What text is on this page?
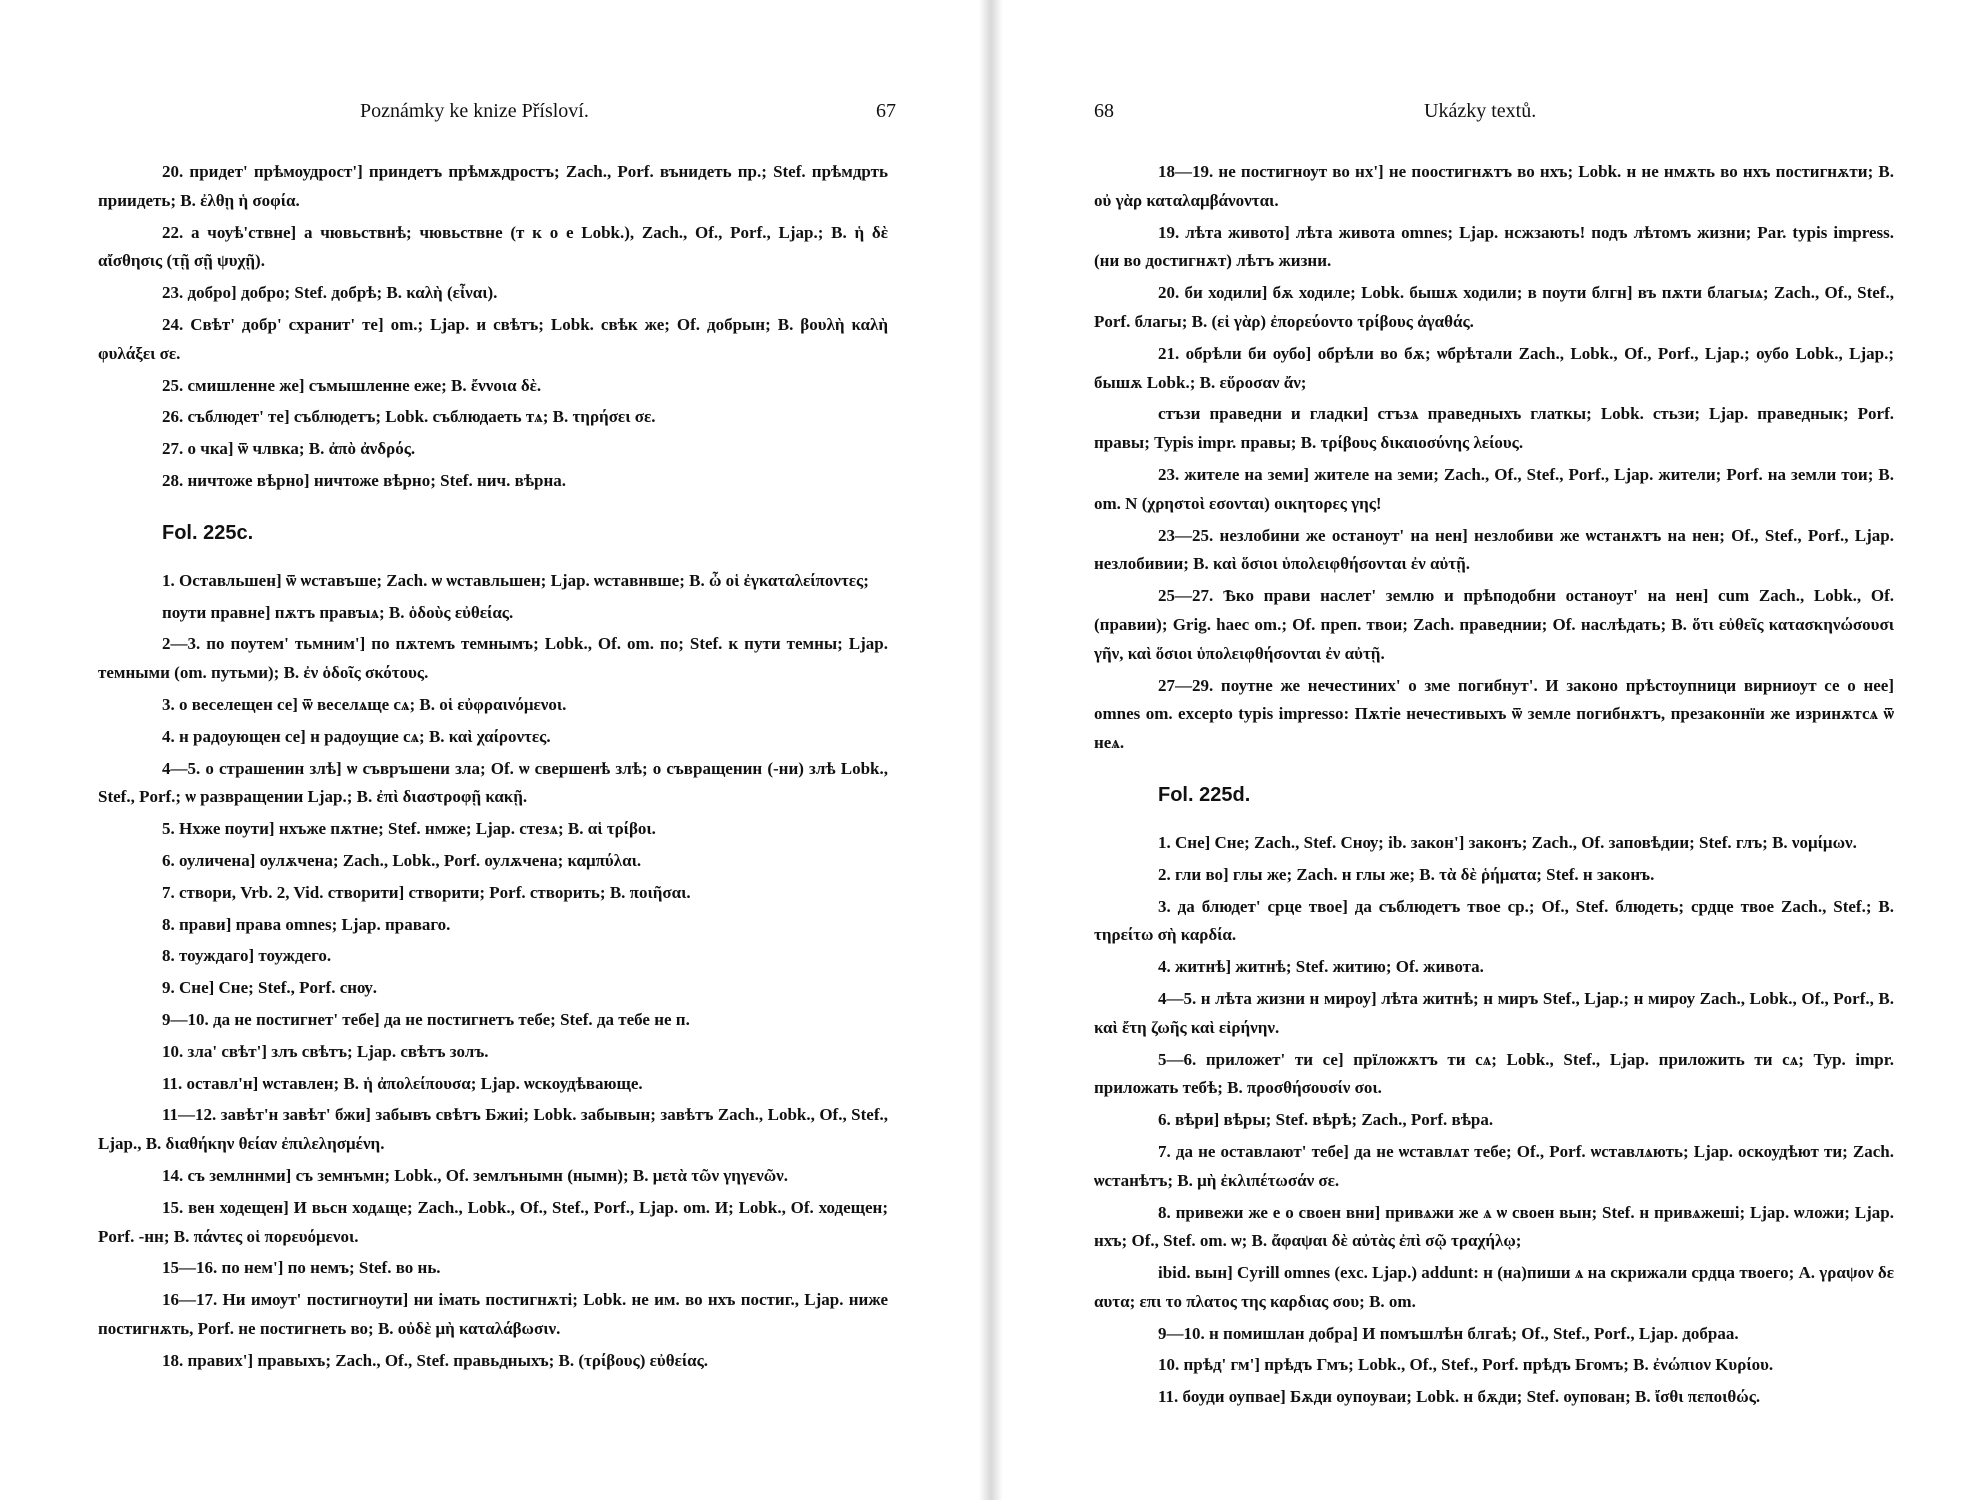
Poznámky ke knize Přísloví.	67

20. придет' прѣмоудрост'] приндетъ прѣмѫдростъ; Zach., Porf. вънидеть пр.; Stef. прѣмдрть приидеть; B. ἐλθῃ ἡ σοφία.

22. а чоуѣ'ствне] а чювьствнѣ; чювьствне (т к о е Lobk.), Zach., Of., Porf., Ljap.; B. ἡ δὲ αἴσθησις (τῇ σῇ ψυχῇ).

23. добро] добро; Stef. добрѣ; B. καλὴ (εἶναι).

24. Свѣт' добр' схранит' те] om.; Ljap. и свѣтъ; Lobk. свѣк же; Of. добрын; B. βουλὴ καλὴ φυλάξει σε.

25. смишленне же] съмышленне еже; B. ἔννοια δὲ.

26. съблюдет' те] съблюдетъ; Lobk. съблюдаеть тѧ; B. τηρήσει σε.

27. о чка] ѿ члвка; B. ἀπὸ ἀνδρός.

28. ничтоже вѣрно] ничтоже вѣрно; Stef. нич. вѣрна.

Fol. 225c.

1. Оставльшен] ѿ ѡставъше; Zach. ѡ ѡставльшен; Ljap. ѡставнвше; B. ὦ οἱ ἐγκαταλείποντες;

поути правне] пѫтъ правъıѧ; B. ὁδοὺς εὐθείας.

2—3. по поутем' тьмним'] по пѫтемъ темнымъ; Lobk., Of. om. по; Stef. к пути темны; Ljap. темными (om. путьми); B. ἐν ὁδοῖς σκότους.

3. о веселещен се] ѿ веселѧще сѧ; B. οἱ εὐφραινόμενοι.

4. н радоующен се] н радоущие сѧ; B. καὶ χαίροντες.

4—5. о страшенин злѣ] ѡ съвръшени зла; Of. ѡ свершенѣ злѣ; о съвращенин (-ни) злѣ Lobk., Stef., Porf.; ѡ развращении Ljap.; B. ἐπὶ διαστροφῇ κακῇ.

5. Нхже поути] нхъже пѫтне; Stef. нмже; Ljap. стезѧ; B. αἱ τρίβοι.

6. оуличена] оулѫчена; Zach., Lobk., Porf. оулѫчена; καμπύλαι.

7. створи, Vrb. 2, Vid. створити] створити; Porf. створить; B. ποιῆσαι.

8. прави] права omnes; Ljap. праваго.

8. тоуждаго] тоуждего.

9. Сне] Сне; Stef., Porf. снѹ.

9—10. да не постигнет' тебе] да не постигнетъ тебе; Stef. да тебе не п.

10. зла' свѣт'] злъ свѣтъ; Ljap. свѣтъ золъ.

11. оставл'н] ѡставлен; B. ἡ ἀπολείπουσα; Ljap. ѡскоудѣвающе.

11—12. завѣт'н завѣт' бжи] забывъ свѣтъ Бжиі; Lobk. забывын; завѣтъ Zach., Lobk., Of., Stef., Ljap., B. διαθήκην θείαν ἐπιλελησμένη.

14. съ землннми] съ земнъмн; Lobk., Of. землънымн (нымн); B. μετὰ τῶν γηγενῶν.

15. вен ходещен] И вьсн ходѧще; Zach., Lobk., Of., Stef., Porf., Ljap. om. И; Lobk., Of. ходещен; Porf. -нн; B. πάντες οἱ πορευόμενοι.

15—16. по нем'] по немъ; Stef. во нь.

16—17. Ни имоут' постигноути] ни імать постигнѫті; Lobk. не им. во нхъ постиг., Ljap. ниже постигнѫть, Porf. не постигнеть во; B. οὐδὲ μὴ καταλάβωσιν.

18. правих'] правыхъ; Zach., Of., Stef. правьдныхъ; B. (τρίβους) εὐθείας.

68	Ukázky textů.

18—19. не постигноут во нх'] не поостигнѫтъ во нхъ; Lobk. н не нмѫть во нхъ постигнѫти; B. οὐ γὰρ καταλαμβάνονται.

19. лѣта живото] лѣта живота omnes; Ljap. нсжзають! подъ лѣтомъ жизни; Par. typis impress. (ни во достигнѫт) лѣтъ жизни.

20. би ходили] бѫ ходиле; Lobk. бышѫ ходили; в поути блгн] въ пѫти благыѧ; Zach., Of., Stef., Porf. благы; B. (εἰ γὰρ) ἐπορεύοντο τρίβους ἀγαθάς.

21. обрѣли би оубо] обрѣли во бѫ; ѡбрѣтали Zach., Lobk., Of., Porf., Ljap.; оубо Lobk., Ljap.; бышѫ Lobk.; B. εὕροσαν ἄν;

стъзи праведни и гладки] стъзѧ праведныхъ глаткы; Lobk. стьзи; Ljap. праведнык; Porf. правы; Typis impr. правы; B. τρίβους δικαιοσύνης λείους.

23. жителе на земи] жителе на земи; Zach., Of., Stef., Porf., Ljap. жители; Porf. на земли тои; B. om. N (χρηστοὶ εσονται) οικητορες γης!

23—25. незлобини же останоут' на нен] незлобиви же ѡстанѫтъ на нен; Of., Stef., Porf., Ljap. незлобивии; B. καὶ ὅσιοι ὑπολειφθήσονται ἐν αὐτῇ.

25—27. Ѣко прави наслет' землю и прѣподобни останоут' на нен] cum Zach., Lobk., Of. (правии); Grig. haec om.; Of. преп. твои; Zach. праведнии; Of. наслѣдать; B. ὅτι εὐθεῖς κατασκηνώσουσι γῆν, καὶ ὅσιοι ὑπολειφθήσονται ἐν αὐτῇ.

27—29. поутне же нечестиних' о зме погибнут'. И законо прѣстоупници вирниоут се о нее] omnes om. excepto typis impresso: Пѫтіе нечестивыхъ ѿ земле погибнѫтъ, презаконнїи же изринѫтсѧ ѿ неѧ.

Fol. 225d.

1. Сне] Сне; Zach., Stef. Снѹ; ib. закон'] законъ; Zach., Of. заповѣдии; Stef. глъ; B. νομίμων.

2. гли во] глы же; Zach. н глы же; B. τὰ δὲ ῥήματα; Stef. н законъ.

3. да блюдет' срце твое] да съблюдетъ твое ср.; Of., Stef. блюдеть; срдце твое Zach., Stef.; B. τηρείτω σὴ καρδία.

4. житнѣ] житнѣ; Stef. житию; Of. живота.

4—5. н лѣта жизни н мироу] лѣта житнѣ; н миръ Stef., Ljap.; н мироу Zach., Lobk., Of., Porf., B. καὶ ἔτη ζωῆς καὶ εἰρήνην.

5—6. приложет' ти се] прїложѫтъ ти сѧ; Lobk., Stef., Ljap. приложить ти сѧ; Typ. impr. приложать тебѣ; B. προσθήσουσίν σοι.

6. вѣри] вѣры; Stef. вѣрѣ; Zach., Porf. вѣра.

7. да не оставлают' тебе] да не ѡставлѧт тебе; Of., Porf. ѡставлѧють; Ljap. оскоудѣют ти; Zach. ѡстанѣтъ; B. μὴ ἐκλιπέτωσάν σε.

8. привежи же е о своен вни] привѧжи же ѧ ѡ своен вын; Stef. н привѧжеші; Ljap. ѡложи; Ljap. нхъ; Of., Stef. om. ѡ; B. ἄφαψαι δὲ αὐτὰς ἐπὶ σῷ τραχήλῳ;

ibid. вын] Cyrill omnes (exc. Ljap.) addunt: н (на)пиши ѧ на скрижали срдца твоего; A. γραψον δε αυτα; επι το πλατος της καρδιας σου; B. om.

9—10. н помишлан добра] И помъшлѣн блгаѣ; Of., Stef., Porf., Ljap. добраа.

10. прѣд' гм'] прѣдъ Гмъ; Lobk., Of., Stef., Porf. прѣдъ Бгомъ; B. ἐνώπιον Κυρίου.

11. боуди оупвае] Бѫди оупоуваи; Lobk. н бѫди; Stef. оупован; B. ἴσθι πεποιθώς.
